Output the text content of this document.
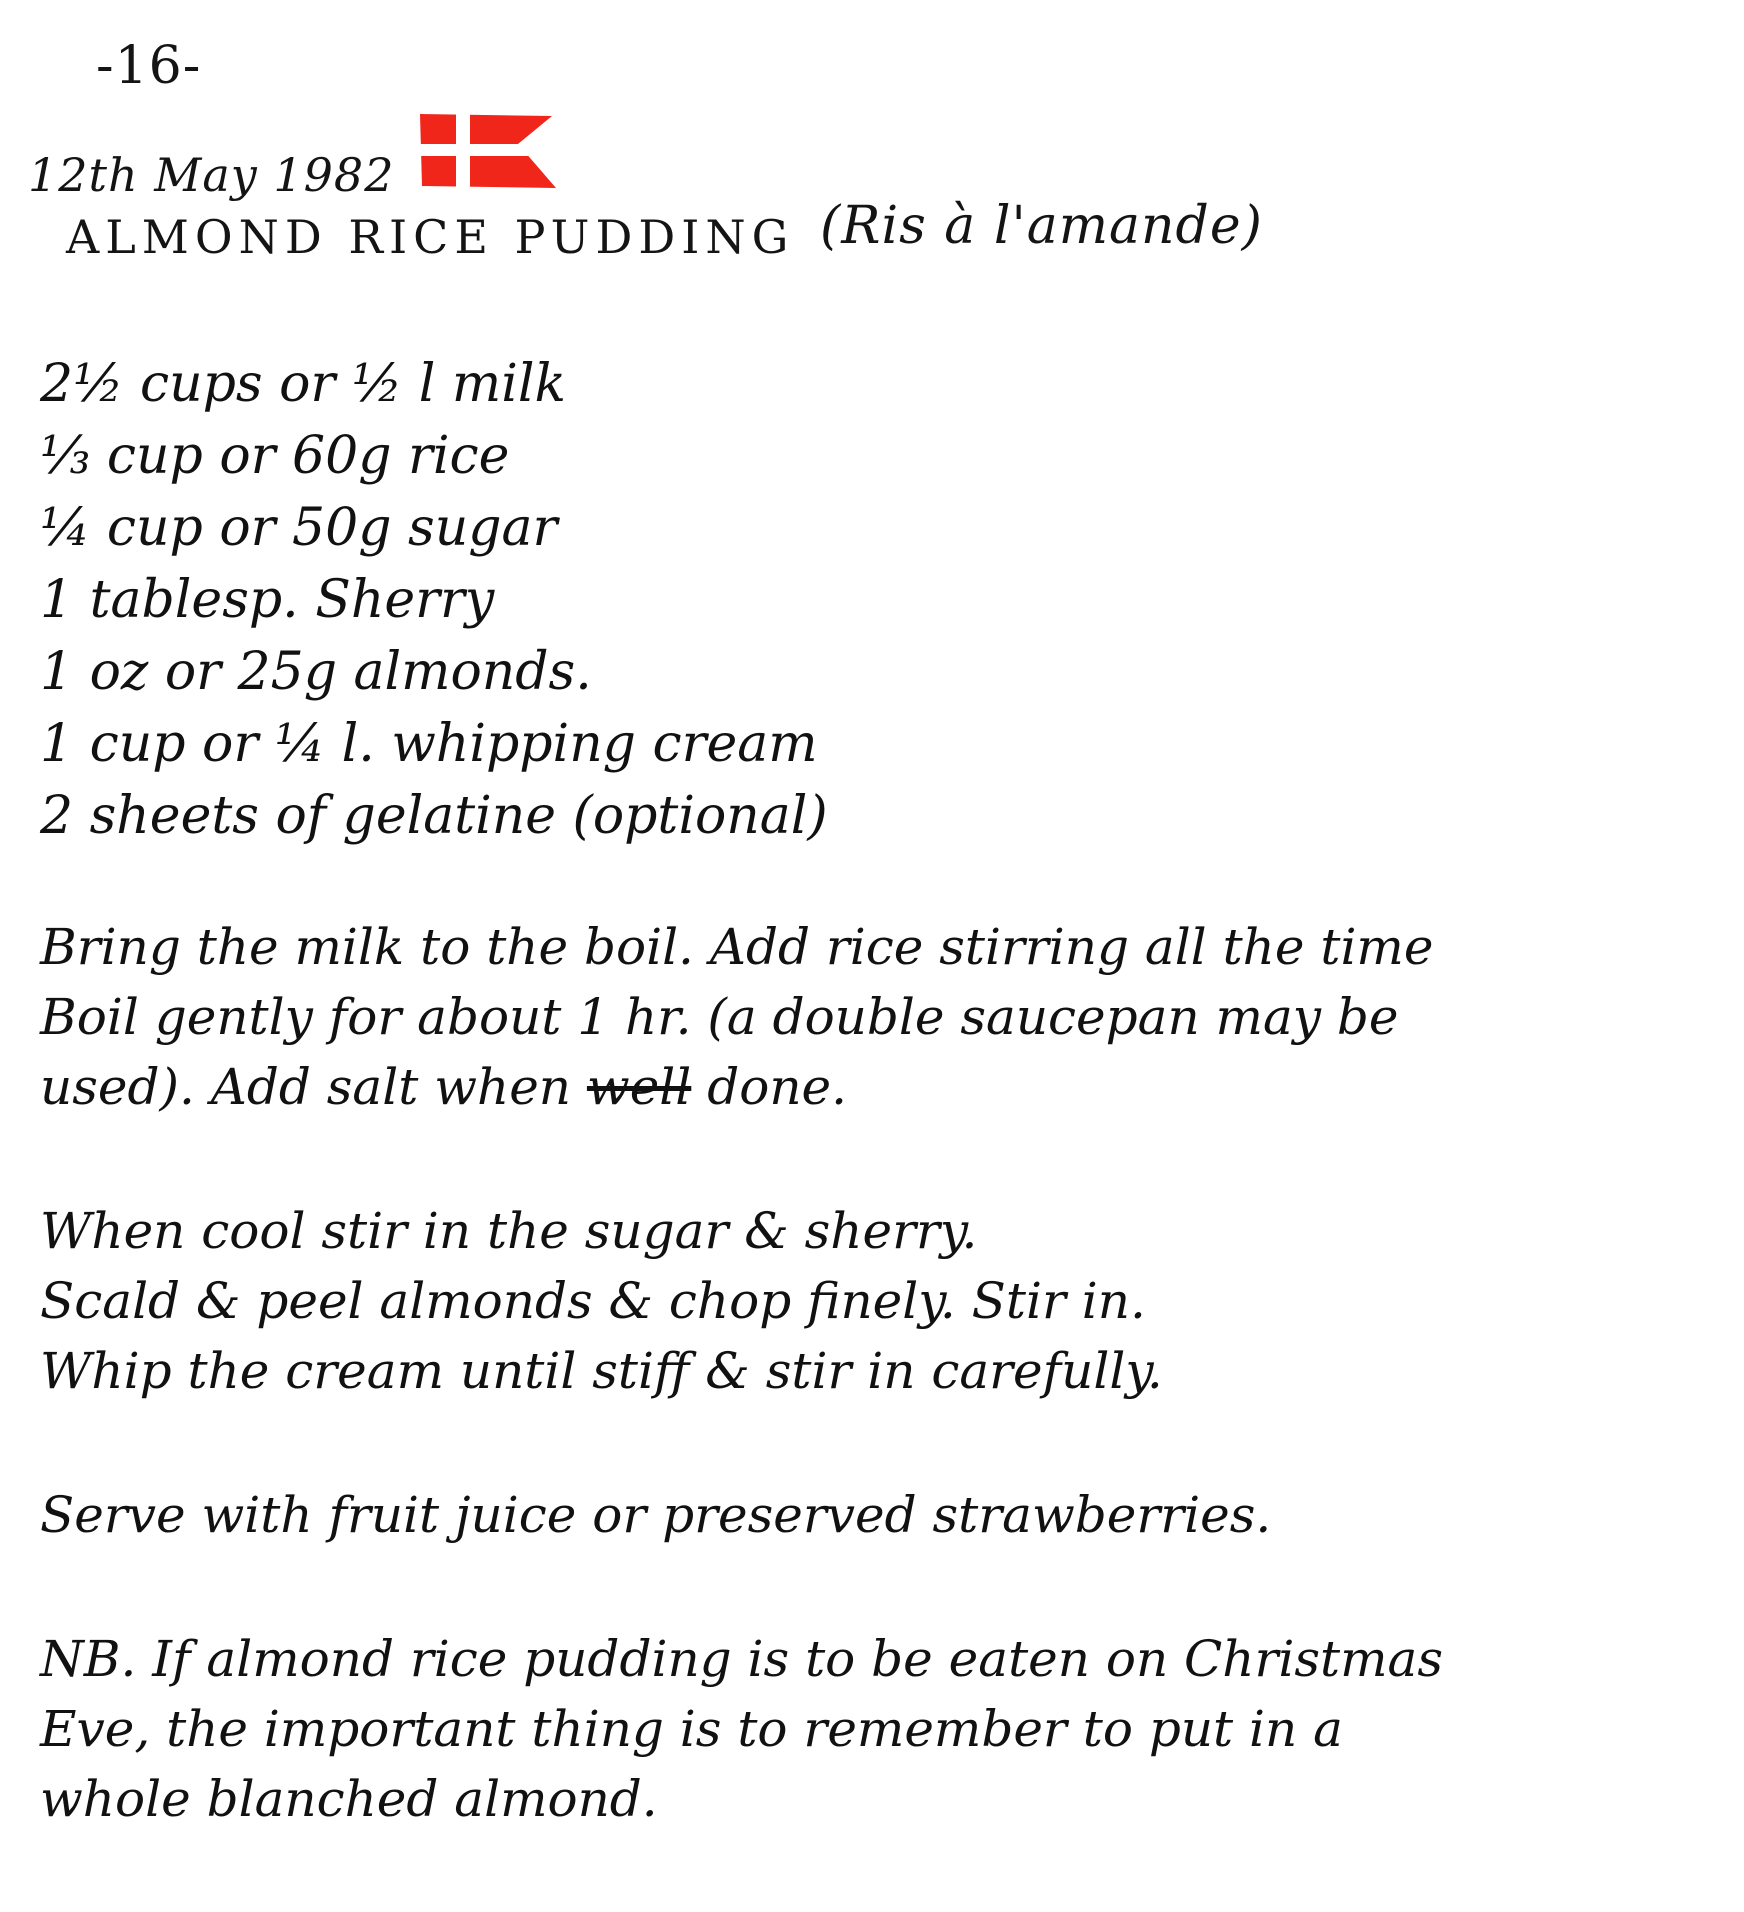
-16-
12th May 1982
ALMOND RICE PUDDING (Ris à l'amande)
2½ cups or ½ l milk
⅓ cup or 60g rice
¼ cup or 50g sugar
1 tablesp. Sherry
1 oz or 25g almonds.
1 cup or ¼ l. whipping cream
2 sheets of gelatine (optional)
Bring the milk to the boil. Add rice stirring all the time
Boil gently for about 1 hr. (a double saucepan may be
used). Add salt when well done.
When cool stir in the sugar & sherry.
Scald & peel almonds & chop finely. Stir in.
Whip the cream until stiff & stir in carefully.
Serve with fruit juice or preserved strawberries.
NB. If almond rice pudding is to be eaten on Christmas
Eve, the important thing is to remember to put in a
whole blanched almond.
